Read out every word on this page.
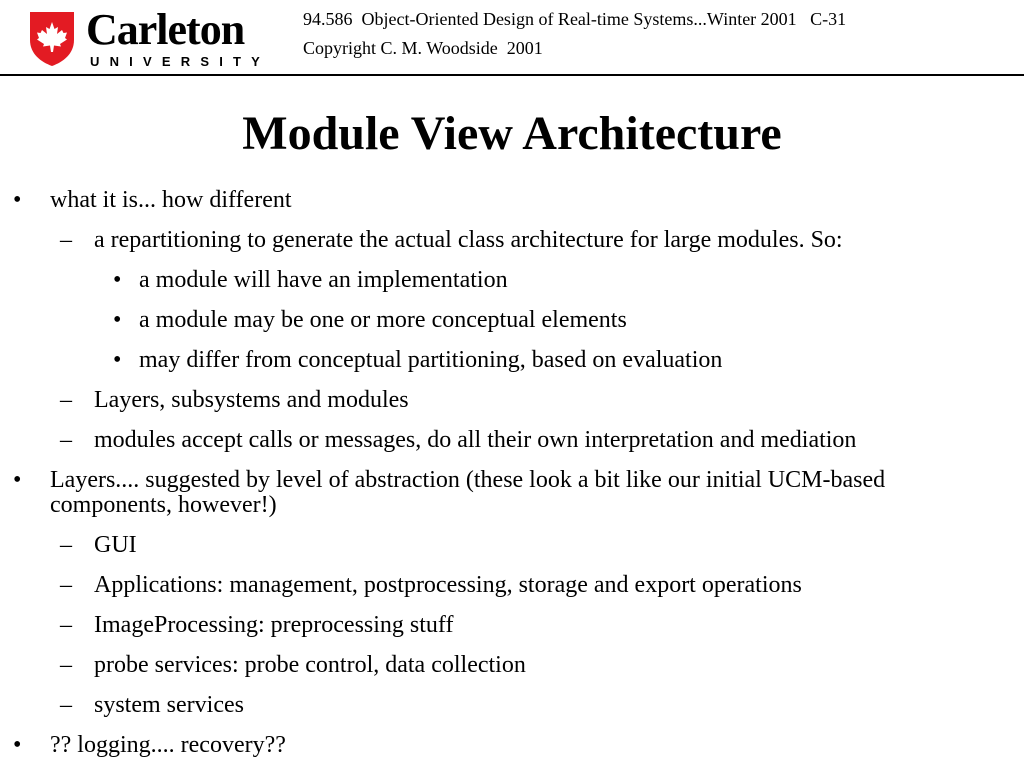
Carleton
UNIVERSITY
94.586  Object-Oriented Design of Real-time Systems...Winter 2001   C-31
Copyright C. M. Woodside  2001
Module View Architecture
• what it is... how different
– a repartitioning to generate the actual class architecture for large modules. So:
• a module will have an implementation
• a module may be one or more conceptual elements
• may differ from conceptual partitioning, based on evaluation
– Layers, subsystems and modules
– modules accept calls or messages, do all their own interpretation and mediation
• Layers.... suggested by level of abstraction (these look a bit like our initial UCM-based components, however!)
– GUI
– Applications: management, postprocessing, storage and export operations
– ImageProcessing: preprocessing stuff
– probe services: probe control, data collection
– system services
• ?? logging.... recovery??
